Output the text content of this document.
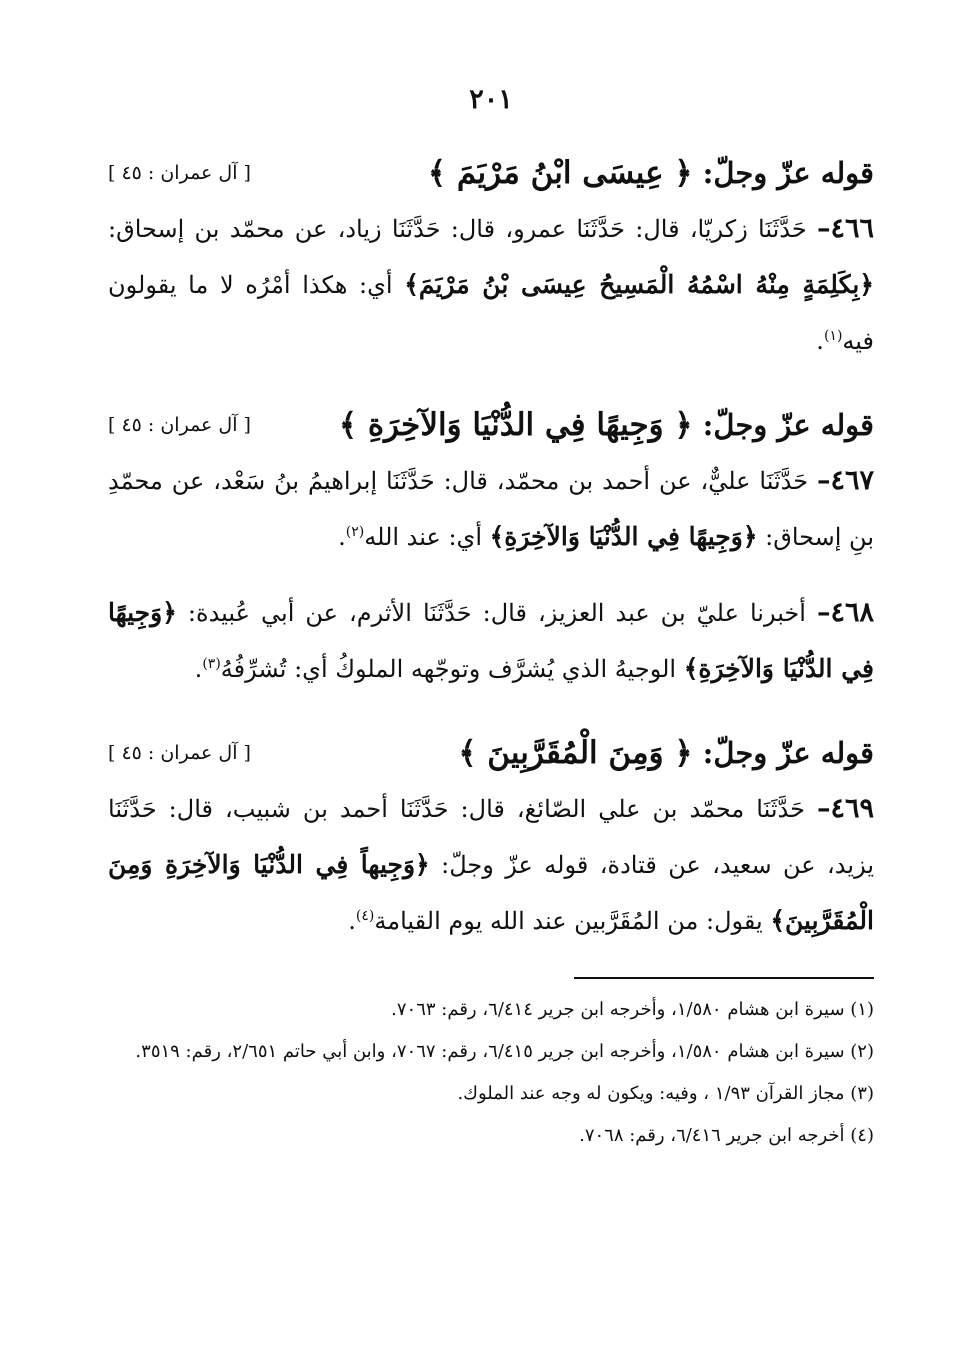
٢٠١
قوله عزّ وجلّ: ﴿ عِيسَى ابْنُ مَرْيَمَ ﴾
[ آل عمران : ٤٥ ]

٤٦٦– حَدَّثَنَا زكريّا، قال: حَدَّثَنَا عمرو، قال: حَدَّثَنَا زياد، عن محمّد بن إسحاق: ﴿بِكَلِمَةٍ مِنْهُ اسْمُهُ الْمَسِيحُ عِيسَى بْنُ مَرْيَمَ﴾ أي: هكذا أمْرُه لا ما يقولون فيه$^{(١)}$.

قوله عزّ وجلّ: ﴿ وَجِيهًا فِي الدُّنْيَا وَالآخِرَةِ ﴾
[ آل عمران : ٤٥ ]

٤٦٧– حَدَّثَنَا عليٌّ، عن أحمد بن محمّد، قال: حَدَّثَنَا إبراهيمُ بنُ سَعْد، عن محمّدِ بنِ إسحاق: ﴿وَجِيهًا فِي الدُّنْيَا وَالآخِرَةِ﴾ أي: عند الله$^{(٢)}$.

٤٦٨– أخبرنا عليّ بن عبد العزيز، قال: حَدَّثَنَا الأثرم، عن أبي عُبيدة: ﴿وَجِيهًا فِي الدُّنْيَا وَالآخِرَةِ﴾ الوجيهُ الذي يُشرَّف وتوجّهه الملوكُ أي: تُشرِّفُهُ$^{(٣)}$.

قوله عزّ وجلّ: ﴿ وَمِنَ الْمُقَرَّبِينَ ﴾
[ آل عمران : ٤٥ ]

٤٦٩– حَدَّثَنَا محمّد بن علي الصّائغ، قال: حَدَّثَنَا أحمد بن شبيب، قال: حَدَّثَنَا يزيد، عن سعيد، عن قتادة، قوله عزّ وجلّ: ﴿وَجِيهاً فِي الدُّنْيَا وَالآخِرَةِ وَمِنَ الْمُقَرَّبِينَ﴾ يقول: من المُقَرَّبين عند الله يوم القيامة$^{(٤)}$.

(١) سيرة ابن هشام ١/٥٨٠، وأخرجه ابن جرير ٦/٤١٤، رقم: ٧٠٦٣.

(٢) سيرة ابن هشام ١/٥٨٠، وأخرجه ابن جرير ٦/٤١٥، رقم: ٧٠٦٧، وابن أبي حاتم ٢/٦٥١، رقم: ٣٥١٩.

(٣) مجاز القرآن ١/٩٣ ، وفيه: ويكون له وجه عند الملوك.

(٤) أخرجه ابن جرير ٦/٤١٦، رقم: ٧٠٦٨.
